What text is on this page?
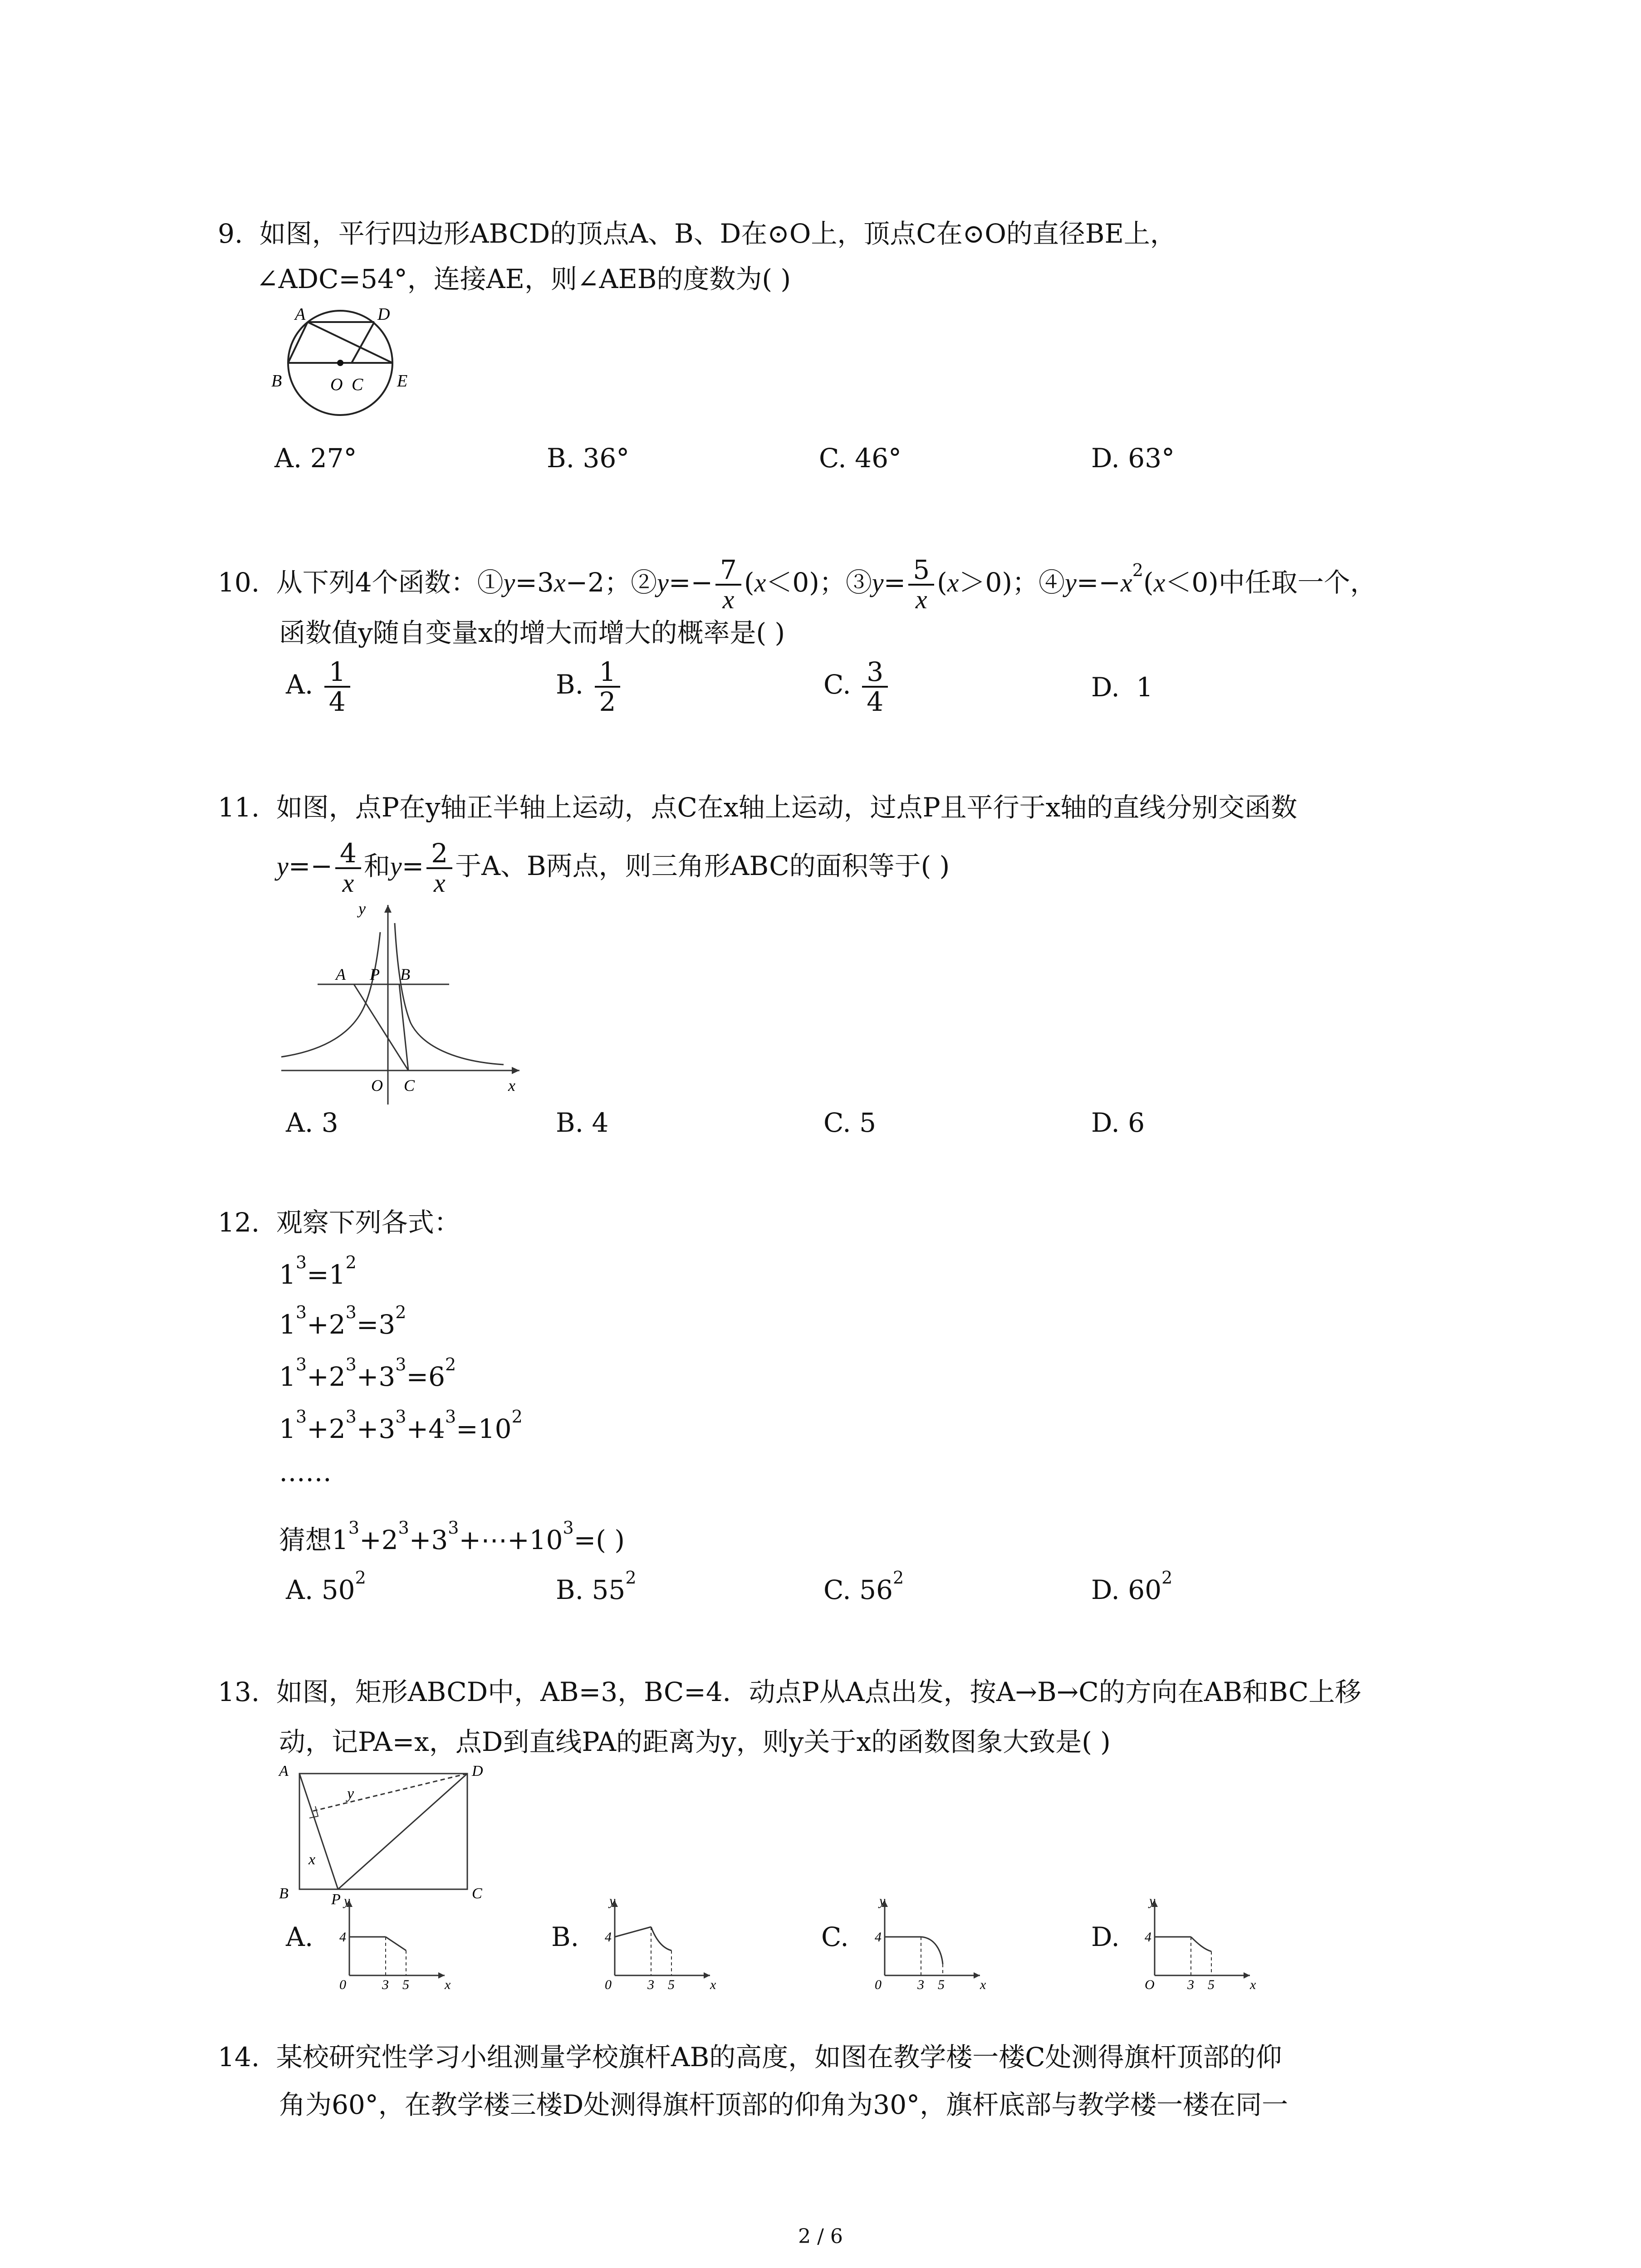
9. 如图，平行四边形ABCD的顶点A、B、D在⊙O上，顶点C在⊙O的直径BE上，
∠ADC=54°，连接AE，则∠AEB的度数为( )
A	D
B	O C E
A. 27°	B. 36°	C. 46°	D. 63°
10. 从下列4个函数：①y=3x−2；②y=− $\frac{7}{x} (x<0)$；③y= $\frac{5}{x} (x>0)$；$④y=-x^2(x<0)$中任取一个，
函数值y随自变量x的增大而增大的概率是( )
A. $\frac{1}{4}$	B. $\frac{1}{2}$	C. $\frac{3}{4}$	D. 1
11. 如图，点P在y轴正半轴上运动，点C在x轴上运动，过点P且平行于x轴的直线分别交函数
$y=- \frac{4}{x}$ 和$y= \frac{2}{x}$ 于A、B两点，则三角形ABC的面积等于( )
y
A P B
O C	x
A. 3	B. 4	C. 5	D. 6
12. 观察下列各式：
$1^3=1^2$
$1^3+2^3=3^2$
$1^3+2^3+3^3=6^2$
$1^3+2^3+3^3+4^3=10^2$
……
猜想$1^3+2^3+3^3+\cdots+10^3=$( )
A. $50^2$	B. $55^2$	C. $56^2$	D. $60^2$
13. 如图，矩形ABCD中，AB=3，BC=4．动点P从A点出发，按A→B→C的方向在AB和BC上移
动，记PA=x，点D到直线PA的距离为y，则y关于x的函数图象大致是( )
A	D
y
x
B	P	C
A. 4
y
0	3 5	x
B. 4
y
0	3 5	x
C. 4
y
0	3 5	x
D. 4
y
O 3 5	x
14. 某校研究性学习小组测量学校旗杆AB的高度，如图在教学楼一楼C处测得旗杆顶部的仰
角为60°，在教学楼三楼D处测得旗杆顶部的仰角为30°，旗杆底部与教学楼一楼在同一
2 / 6
